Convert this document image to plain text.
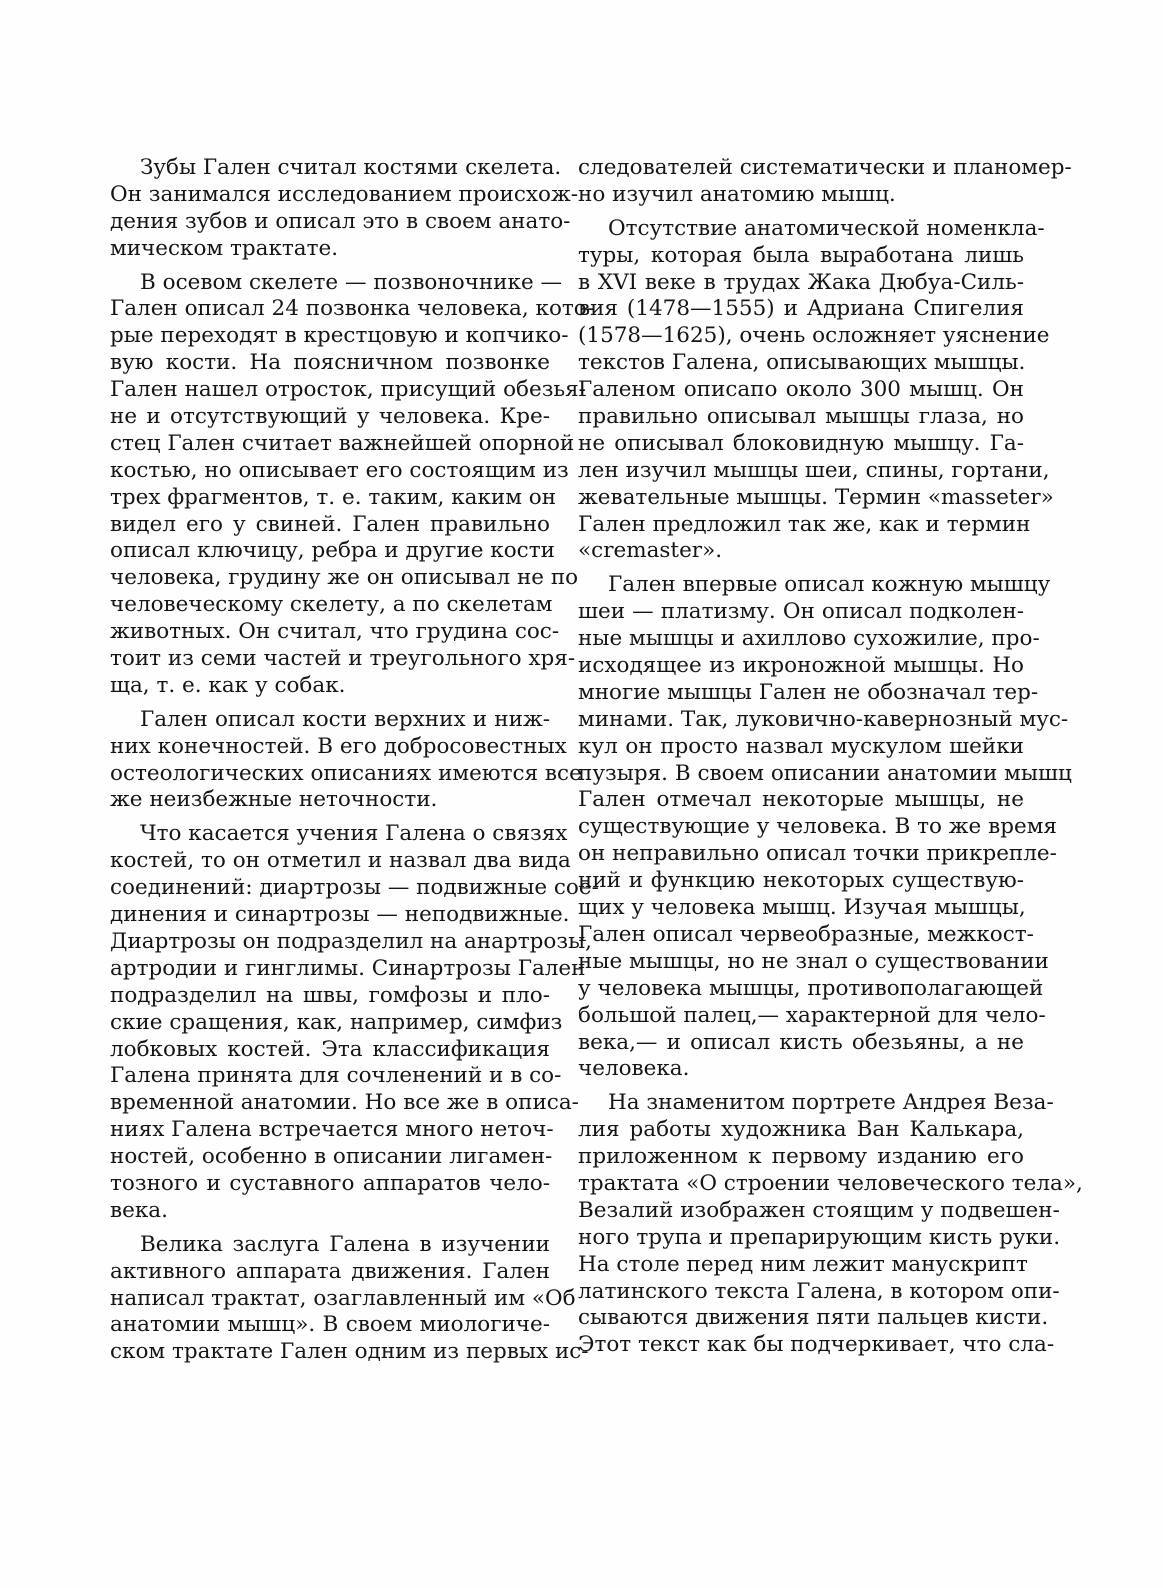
Зубы Гален считал костями скелета.
Он занимался исследованием происхож-
дения зубов и описал это в своем анато-
мическом трактате.
В осевом скелете — позвоночнике —
Гален описал 24 позвонка человека, кото-
рые переходят в крестцовую и копчико-
вую кости. На поясничном позвонке
Гален нашел отросток, присущий обезья-
не и отсутствующий у человека. Кре-
стец Гален считает важнейшей опорной
костью, но описывает его состоящим из
трех фрагментов, т. е. таким, каким он
видел его у свиней. Гален правильно
описал ключицу, ребра и другие кости
человека, грудину же он описывал не по
человеческому скелету, а по скелетам
животных. Он считал, что грудина сос-
тоит из семи частей и треугольного хря-
ща, т. е. как у собак.
Гален описал кости верхних и ниж-
них конечностей. В его добросовестных
остеологических описаниях имеются все
же неизбежные неточности.
Что касается учения Галена о связях
костей, то он отметил и назвал два вида
соединений: диартрозы — подвижные сое-
динения и синартрозы — неподвижные.
Диартрозы он подразделил на анартрозы,
артродии и гинглимы. Синартрозы Гален
подразделил на швы, гомфозы и пло-
ские сращения, как, например, симфиз
лобковых костей. Эта классификация
Галена принята для сочленений и в со-
временной анатомии. Но все же в описа-
ниях Галена встречается много неточ-
ностей, особенно в описании лигамен-
тозного и суставного аппаратов чело-
века.
Велика заслуга Галена в изучении
активного аппарата движения. Гален
написал трактат, озаглавленный им «Об
анатомии мышц». В своем миологиче-
ском трактате Гален одним из первых ис-
следователей систематически и планомер-
но изучил анатомию мышц.
Отсутствие анатомической номенкла-
туры, которая была выработана лишь
в XVI веке в трудах Жака Дюбуа-Силь-
вия (1478—1555) и Адриана Спигелия
(1578—1625), очень осложняет уяснение
текстов Галена, описывающих мышцы.
Галеном описапо около 300 мышц. Он
правильно описывал мышцы глаза, но
не описывал блоковидную мышцу. Га-
лен изучил мышцы шеи, спины, гортани,
жевательные мышцы. Термин «masseter»
Гален предложил так же, как и термин
«cremaster».
Гален впервые описал кожную мышцу
шеи — платизму. Он описал подколен-
ные мышцы и ахиллово сухожилие, про-
исходящее из икроножной мышцы. Но
многие мышцы Гален не обозначал тер-
минами. Так, луковично-кавернозный мус-
кул он просто назвал мускулом шейки
пузыря. В своем описании анатомии мышц
Гален отмечал некоторые мышцы, не
существующие у человека. В то же время
он неправильно описал точки прикрепле-
ний и функцию некоторых существую-
щих у человека мышц. Изучая мышцы,
Гален описал червеобразные, межкост-
ные мышцы, но не знал о существовании
у человека мышцы, противополагающей
большой палец,— характерной для чело-
века,— и описал кисть обезьяны, а не
человека.
На знаменитом портрете Андрея Веза-
лия работы художника Ван Калькара,
приложенном к первому изданию его
трактата «О строении человеческого тела»,
Везалий изображен стоящим у подвешен-
ного трупа и препарирующим кисть руки.
На столе перед ним лежит манускрипт
латинского текста Галена, в котором опи-
сываются движения пяти пальцев кисти.
Этот текст как бы подчеркивает, что сла-
